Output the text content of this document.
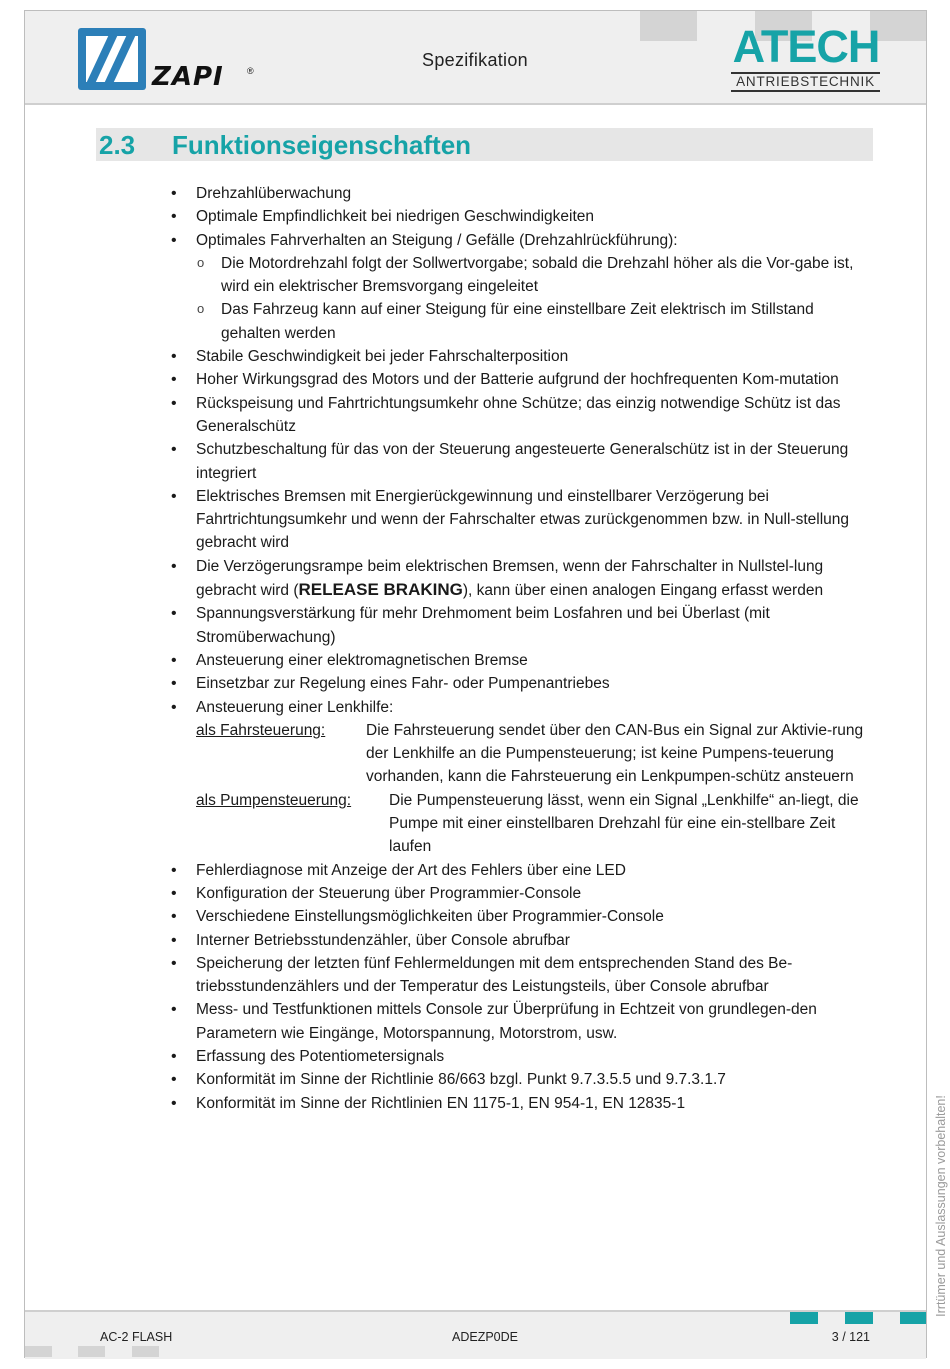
ZAPI	®
Spezifikation	ATECH
ANTRIEBSTECHNIK
2.3 Funktionseigenschaften
• Drehzahlüberwachung
• Optimale Empfindlichkeit bei niedrigen Geschwindigkeiten
• Optimales Fahrverhalten an Steigung / Gefälle (Drehzahlrückführung):
o Die Motordrehzahl folgt der Sollwertvorgabe; sobald die Drehzahl höher als die Vor-gabe ist, wird ein elektrischer Bremsvorgang eingeleitet
o Das Fahrzeug kann auf einer Steigung für eine einstellbare Zeit elektrisch im Stillstand gehalten werden
• Stabile Geschwindigkeit bei jeder Fahrschalterposition
• Hoher Wirkungsgrad des Motors und der Batterie aufgrund der hochfrequenten Kom-mutation
• Rückspeisung und Fahrtrichtungsumkehr ohne Schütze; das einzig notwendige Schütz ist das Generalschütz
• Schutzbeschaltung für das von der Steuerung angesteuerte Generalschütz ist in der Steuerung integriert
• Elektrisches Bremsen mit Energierückgewinnung und einstellbarer Verzögerung bei Fahrtrichtungsumkehr und wenn der Fahrschalter etwas zurückgenommen bzw. in Null-stellung gebracht wird
• Die Verzögerungsrampe beim elektrischen Bremsen, wenn der Fahrschalter in Nullstel-lung gebracht wird (RELEASE BRAKING), kann über einen analogen Eingang erfasst werden
• Spannungsverstärkung für mehr Drehmoment beim Losfahren und bei Überlast (mit Stromüberwachung)
• Ansteuerung einer elektromagnetischen Bremse
• Einsetzbar zur Regelung eines Fahr- oder Pumpenantriebes
• Ansteuerung einer Lenkhilfe:
als Fahrsteuerung:	Die Fahrsteuerung sendet über den CAN-Bus ein Signal zur Aktivie-rung der Lenkhilfe an die Pumpensteuerung; ist keine Pumpens-teuerung vorhanden, kann die Fahrsteuerung ein Lenkpumpen-schütz ansteuern
als Pumpensteuerung:	Die Pumpensteuerung lässt, wenn ein Signal „Lenkhilfe“ an-liegt, die Pumpe mit einer einstellbaren Drehzahl für eine ein-stellbare Zeit laufen
• Fehlerdiagnose mit Anzeige der Art des Fehlers über eine LED
• Konfiguration der Steuerung über Programmier-Console
• Verschiedene Einstellungsmöglichkeiten über Programmier-Console
• Interner Betriebsstundenzähler, über Console abrufbar
• Speicherung der letzten fünf Fehlermeldungen mit dem entsprechenden Stand des Be-triebsstundenzählers und der Temperatur des Leistungsteils, über Console abrufbar
• Mess- und Testfunktionen mittels Console zur Überprüfung in Echtzeit von grundlegen-den Parametern wie Eingänge, Motorspannung, Motorstrom, usw.
• Erfassung des Potentiometersignals
• Konformität im Sinne der Richtlinie 86/663 bzgl. Punkt 9.7.3.5.5 und 9.7.3.1.7
• Konformität im Sinne der Richtlinien EN 1175-1, EN 954-1, EN 12835-1	Irrtümer und Auslassungen vorbehalten!
AC-2 FLASH	ADEZP0DE	3 / 121
